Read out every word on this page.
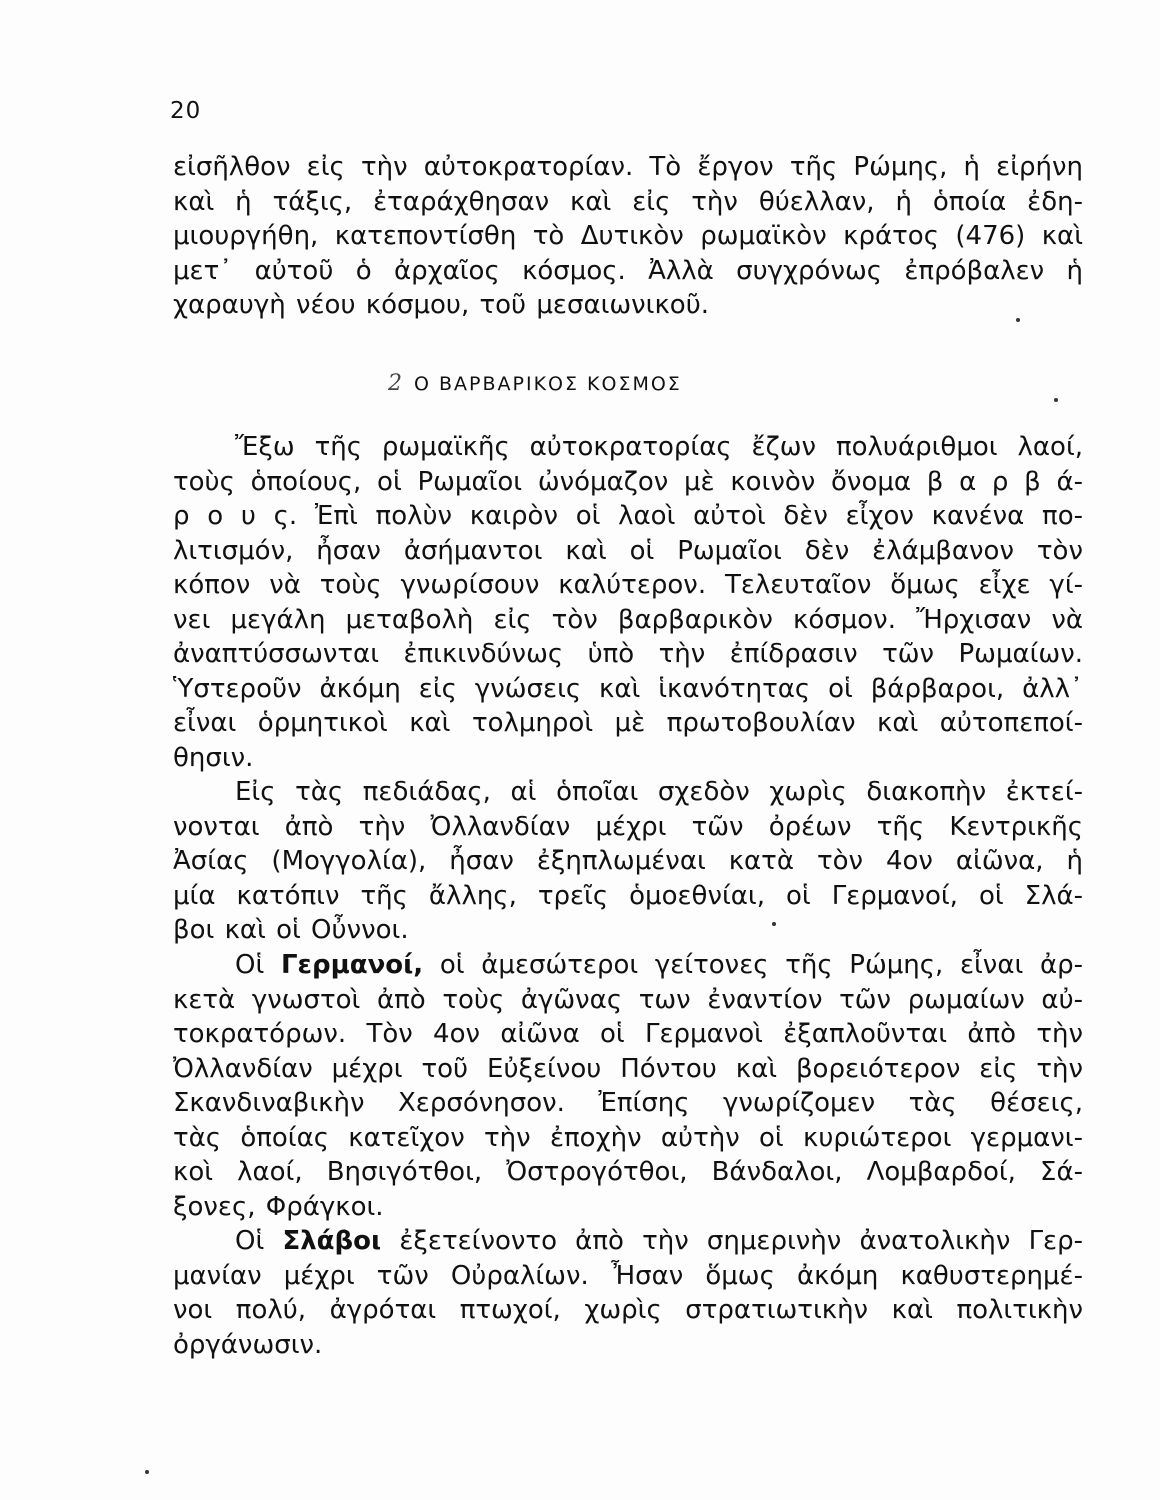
20
εἰσῆλθον εἰς τὴν αὐτοκρατορίαν. Τὸ ἔργον τῆς Ρώμης, ἡ εἰρήνη
καὶ ἡ τάξις, ἐταράχθησαν καὶ εἰς τὴν θύελλαν, ἡ ὁποία ἐδη-
μιουργήθη, κατεποντίσθη τὸ Δυτικὸν ρωμαϊκὸν κράτος (476) καὶ
μετ᾽ αὐτοῦ ὁ ἀρχαῖος κόσμος. Ἀλλὰ συγχρόνως ἐπρόβαλεν ἡ
χαραυγὴ νέου κόσμου, τοῦ μεσαιωνικοῦ.
2 Ο ΒΑΡΒΑΡΙΚΟΣ ΚΟΣΜΟΣ
Ἔξω τῆς ρωμαϊκῆς αὐτοκρατορίας ἔζων πολυάριθμοι λαοί,
τοὺς ὁποίους, οἱ Ρωμαῖοι ὠνόμαζον μὲ κοινὸν ὄνομα β α ρ β ά-
ρ ο υ ς. Ἐπὶ πολὺν καιρὸν οἱ λαοὶ αὐτοὶ δὲν εἶχον κανένα πο-
λιτισμόν, ἦσαν ἀσήμαντοι καὶ οἱ Ρωμαῖοι δὲν ἐλάμβανον τὸν
κόπον νὰ τοὺς γνωρίσουν καλύτερον. Τελευταῖον ὅμως εἶχε γί-
νει μεγάλη μεταβολὴ εἰς τὸν βαρβαρικὸν κόσμον. Ἤρχισαν νὰ
ἀναπτύσσωνται ἐπικινδύνως ὑπὸ τὴν ἐπίδρασιν τῶν Ρωμαίων.
Ὑστεροῦν ἀκόμη εἰς γνώσεις καὶ ἱκανότητας οἱ βάρβαροι, ἀλλ᾽
εἶναι ὁρμητικοὶ καὶ τολμηροὶ μὲ πρωτοβουλίαν καὶ αὐτοπεποί-
θησιν.
Εἰς τὰς πεδιάδας, αἱ ὁποῖαι σχεδὸν χωρὶς διακοπὴν ἐκτεί-
νονται ἀπὸ τὴν Ὀλλανδίαν μέχρι τῶν ὀρέων τῆς Κεντρικῆς
Ἀσίας (Μογγολία), ἦσαν ἐξηπλωμέναι κατὰ τὸν 4ον αἰῶνα, ἡ
μία κατόπιν τῆς ἄλλης, τρεῖς ὁμοεθνίαι, οἱ Γερμανοί, οἱ Σλά-
βοι καὶ οἱ Οὖννοι.
Οἱ Γερμανοί, οἱ ἀμεσώτεροι γείτονες τῆς Ρώμης, εἶναι ἀρ-
κετὰ γνωστοὶ ἀπὸ τοὺς ἀγῶνας των ἐναντίον τῶν ρωμαίων αὐ-
τοκρατόρων. Τὸν 4ον αἰῶνα οἱ Γερμανοὶ ἐξαπλοῦνται ἀπὸ τὴν
Ὀλλανδίαν μέχρι τοῦ Εὐξείνου Πόντου καὶ βορειότερον εἰς τὴν
Σκανδιναβικὴν Χερσόνησον. Ἐπίσης γνωρίζομεν τὰς θέσεις,
τὰς ὁποίας κατεῖχον τὴν ἐποχὴν αὐτὴν οἱ κυριώτεροι γερμανι-
κοὶ λαοί, Βησιγότθοι, Ὀστρογότθοι, Βάνδαλοι, Λομβαρδοί, Σά-
ξονες, Φράγκοι.
Οἱ Σλάβοι ἐξετείνοντο ἀπὸ τὴν σημερινὴν ἀνατολικὴν Γερ-
μανίαν μέχρι τῶν Οὐραλίων. Ἦσαν ὅμως ἀκόμη καθυστερημέ-
νοι πολύ, ἀγρόται πτωχοί, χωρὶς στρατιωτικὴν καὶ πολιτικὴν
ὀργάνωσιν.
